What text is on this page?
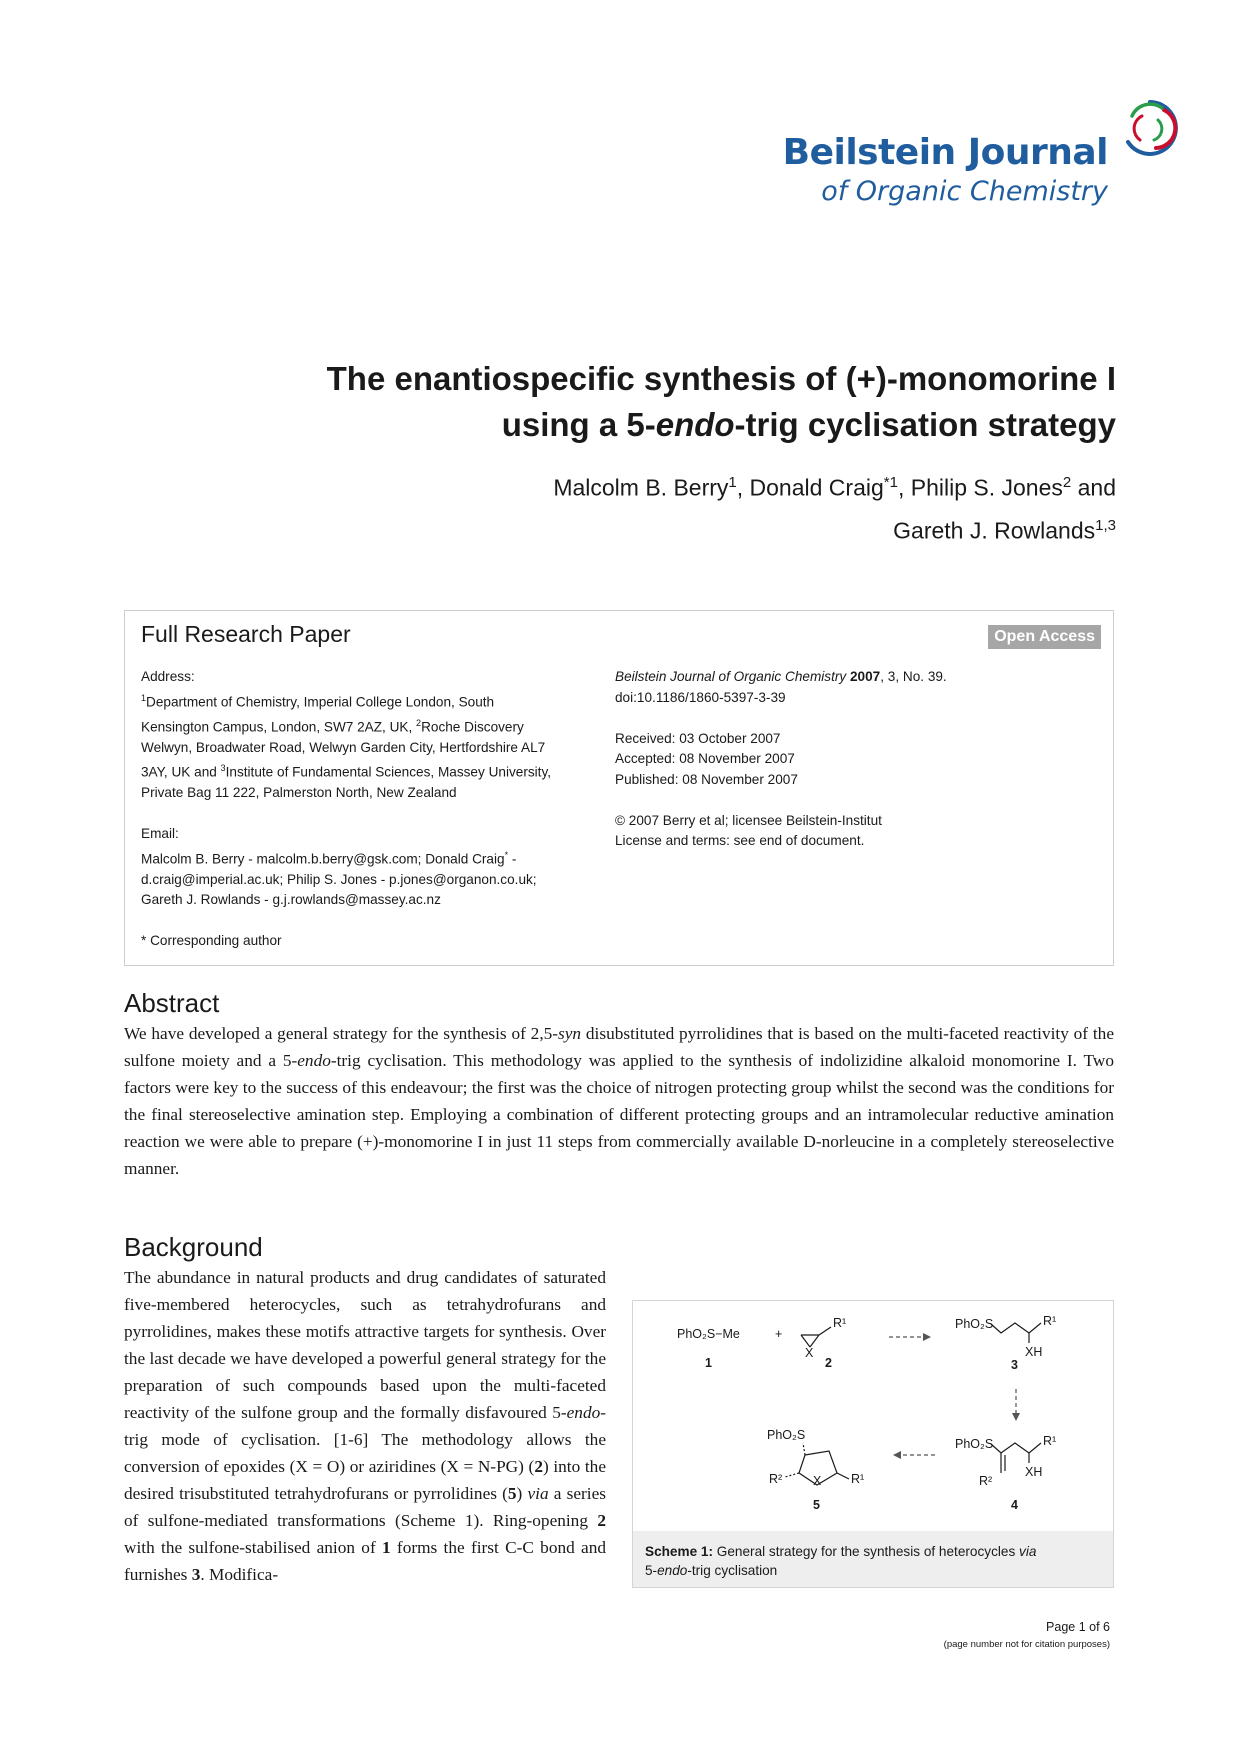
Beilstein Journal
of Organic Chemistry
The enantiospecific synthesis of (+)-monomorine I
using a 5-endo-trig cyclisation strategy
Malcolm B. Berry$^1$, Donald Craig$^{*1}$, Philip S. Jones$^2$ and
Gareth J. Rowlands$^{1,3}$
Full Research Paper	Open Access
Address:
$^1$Department of Chemistry, Imperial College London, South
Kensington Campus, London, SW7 2AZ, UK, $^2$Roche Discovery
Welwyn, Broadwater Road, Welwyn Garden City, Hertfordshire AL7
3AY, UK and $^3$Institute of Fundamental Sciences, Massey University,
Private Bag 11 222, Palmerston North, New Zealand
Email:
Malcolm B. Berry - malcolm.b.berry@gsk.com; Donald Craig* -
d.craig@imperial.ac.uk; Philip S. Jones - p.jones@organon.co.uk;
Gareth J. Rowlands - g.j.rowlands@massey.ac.nz
* Corresponding author
Beilstein Journal of Organic Chemistry 2007, 3, No. 39.
doi:10.1186/1860-5397-3-39
Received: 03 October 2007
Accepted: 08 November 2007
Published: 08 November 2007
© 2007 Berry et al; licensee Beilstein-Institut
License and terms: see end of document.
Abstract
We have developed a general strategy for the synthesis of 2,5-syn disubstituted pyrrolidines that is based on the multi-faceted reactivity of the sulfone moiety and a 5-endo-trig cyclisation. This methodology was applied to the synthesis of indolizidine alkaloid monomorine I. Two factors were key to the success of this endeavour; the first was the choice of nitrogen protecting group whilst the second was the conditions for the final stereoselective amination step. Employing a combination of different protecting groups and an intramolecular reductive amination reaction we were able to prepare (+)-monomorine I in just 11 steps from commercially available D-norleucine in a completely stereoselective manner.
Background
The abundance in natural products and drug candidates of saturated five-membered heterocycles, such as tetrahydrofurans and pyrrolidines, makes these motifs attractive targets for synthesis. Over the last decade we have developed a powerful general strategy for the preparation of such compounds based upon the multi-faceted reactivity of the sulfone group and the formally disfavoured 5-endo-trig mode of cyclisation. [1-6] The methodology allows the conversion of epoxides (X = O) or aziridines (X = N-PG) (2) into the desired trisubstituted tetrahydrofurans or pyrrolidines (5) via a series of sulfone-mediated transformations (Scheme 1). Ring-opening 2 with the sulfone-stabilised anion of 1 forms the first C-C bond and furnishes 3. Modifica-
PhO₂S−Me
1
+
R¹
X
2
PhO₂S	R¹
XH
3
PhO₂S	R¹
R²
XH
4
PhO₂S
R² X R¹
5
Scheme 1: General strategy for the synthesis of heterocycles via
5-endo-trig cyclisation
Page 1 of 6
(page number not for citation purposes)
